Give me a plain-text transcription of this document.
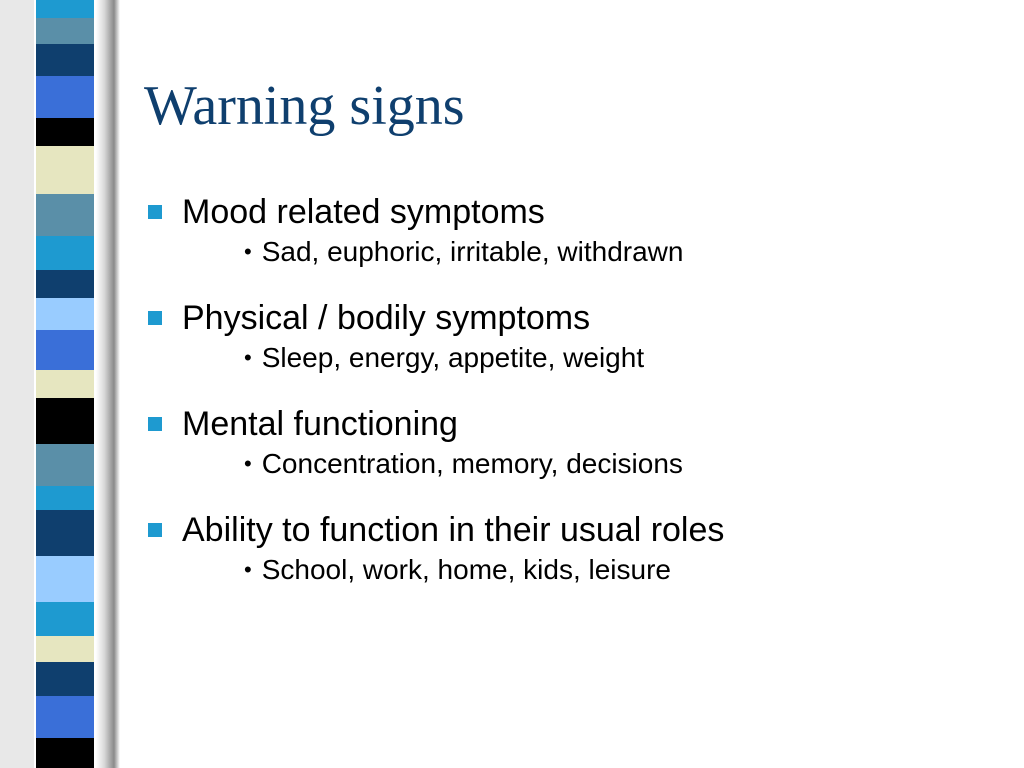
Warning signs
Mood related symptoms
• Sad, euphoric, irritable, withdrawn
Physical / bodily symptoms
• Sleep, energy, appetite, weight
Mental functioning
• Concentration, memory, decisions
Ability to function in their usual roles
• School, work, home, kids, leisure
